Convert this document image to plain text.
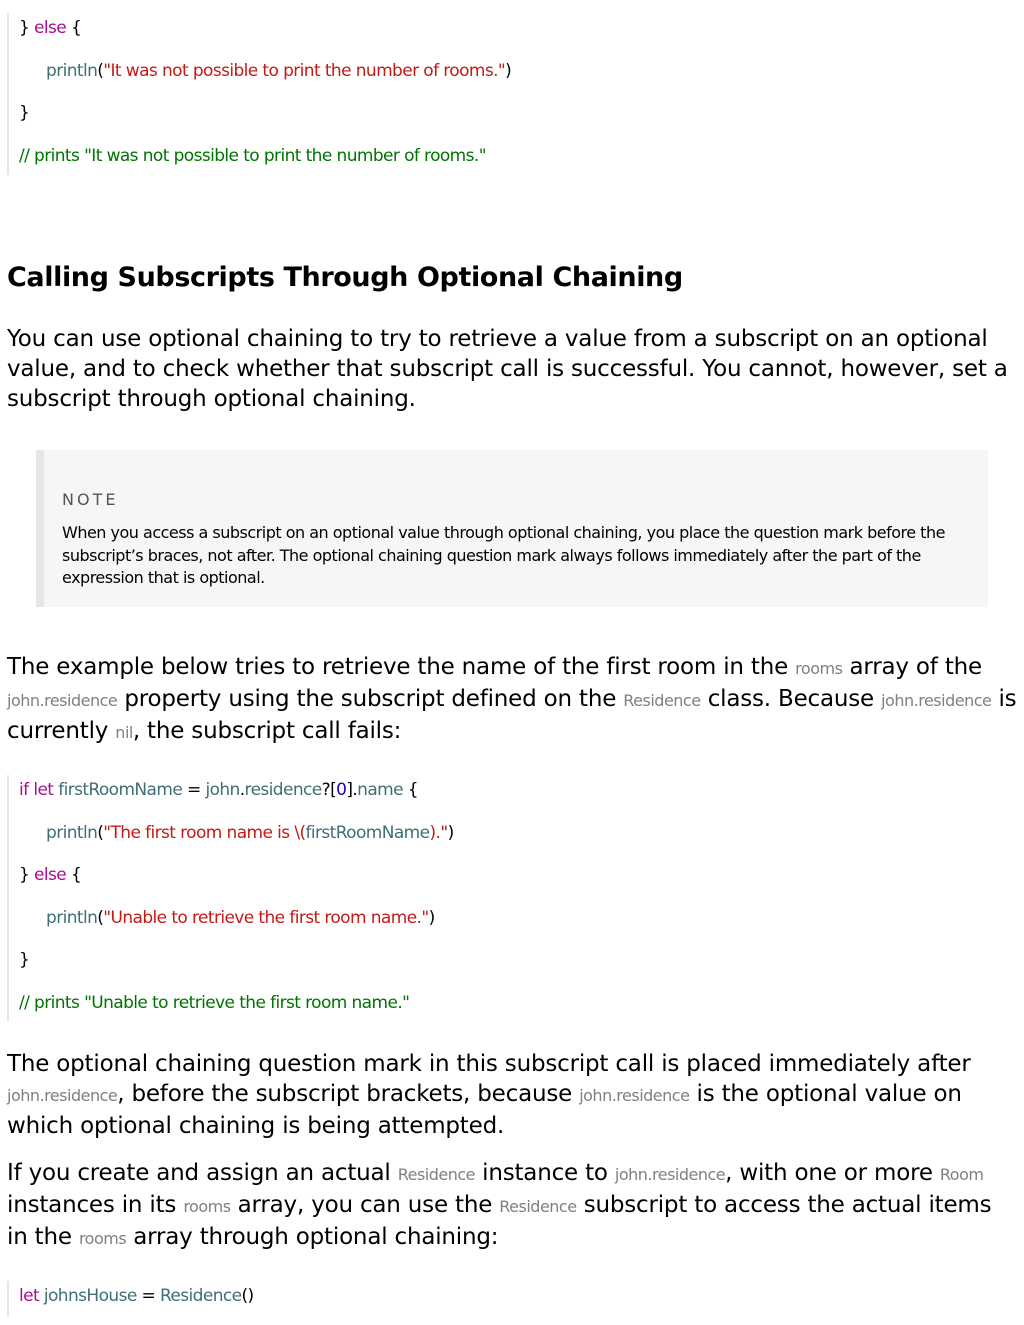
} else {
println("It was not possible to print the number of rooms.")
}
// prints "It was not possible to print the number of rooms."
Calling Subscripts Through Optional Chaining

You can use optional chaining to try to retrieve a value from a subscript on an optional value, and to check whether that subscript call is successful. You cannot, however, set a subscript through optional chaining.

NOTE
When you access a subscript on an optional value through optional chaining, you place the question mark before the subscript’s braces, not after. The optional chaining question mark always follows immediately after the part of the expression that is optional.

The example below tries to retrieve the name of the first room in the rooms array of the john.residence property using the subscript defined on the Residence class. Because john.residence is currently nil, the subscript call fails:

if let firstRoomName = john.residence?[0].name {
println("The first room name is \(firstRoomName).")
} else {
println("Unable to retrieve the first room name.")
}
// prints "Unable to retrieve the first room name."

The optional chaining question mark in this subscript call is placed immediately after john.residence, before the subscript brackets, because john.residence is the optional value on which optional chaining is being attempted.

If you create and assign an actual Residence instance to john.residence, with one or more Room instances in its rooms array, you can use the Residence subscript to access the actual items in the rooms array through optional chaining:

let johnsHouse = Residence()
